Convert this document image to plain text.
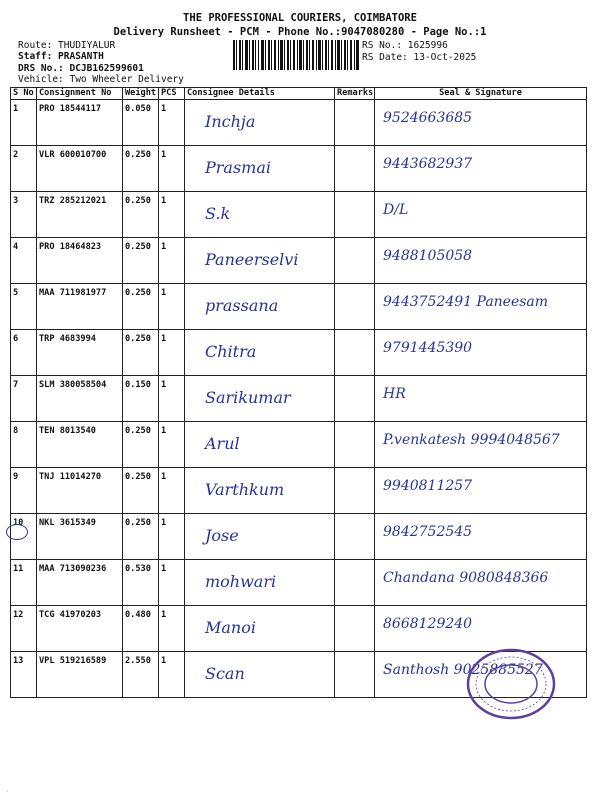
THE PROFESSIONAL COURIERS, COIMBATORE
Delivery Runsheet - PCM - Phone No.:9047080280 - Page No.:1
Route: THUDIYALUR
Staff: PRASANTH
DRS No.: DCJB162599601
Vehicle: Two Wheeler Delivery
RS No.: 1625996
RS Date: 13-Oct-2025
S No	Consignment No	Weight	PCS	Consignee Details	Remarks	Seal & Signature
1	PRO 18544117	0.050	1	Inchja		9524663685
2	VLR 600010700	0.250	1	Prasmai		9443682937
3	TRZ 285212021	0.250	1	S.k		D/L
4	PRO 18464823	0.250	1	Paneerselvi		9488105058
5	MAA 711981977	0.250	1	prassana		9443752491 Paneesam
6	TRP 4683994	0.250	1	Chitra		9791445390
7	SLM 380058504	0.150	1	Sarikumar		HR
8	TEN 8013540	0.250	1	Arul		P.venkatesh 9994048567
9	TNJ 11014270	0.250	1	Varthkum		9940811257
10	NKL 3615349	0.250	1	Jose		9842752545
11	MAA 713090236	0.530	1	mohwari		Chandana 9080848366
12	TCG 41970203	0.480	1	Manoi		8668129240
13	VPL 519216589	2.550	1	Scan		Santhosh 9025885527
·
